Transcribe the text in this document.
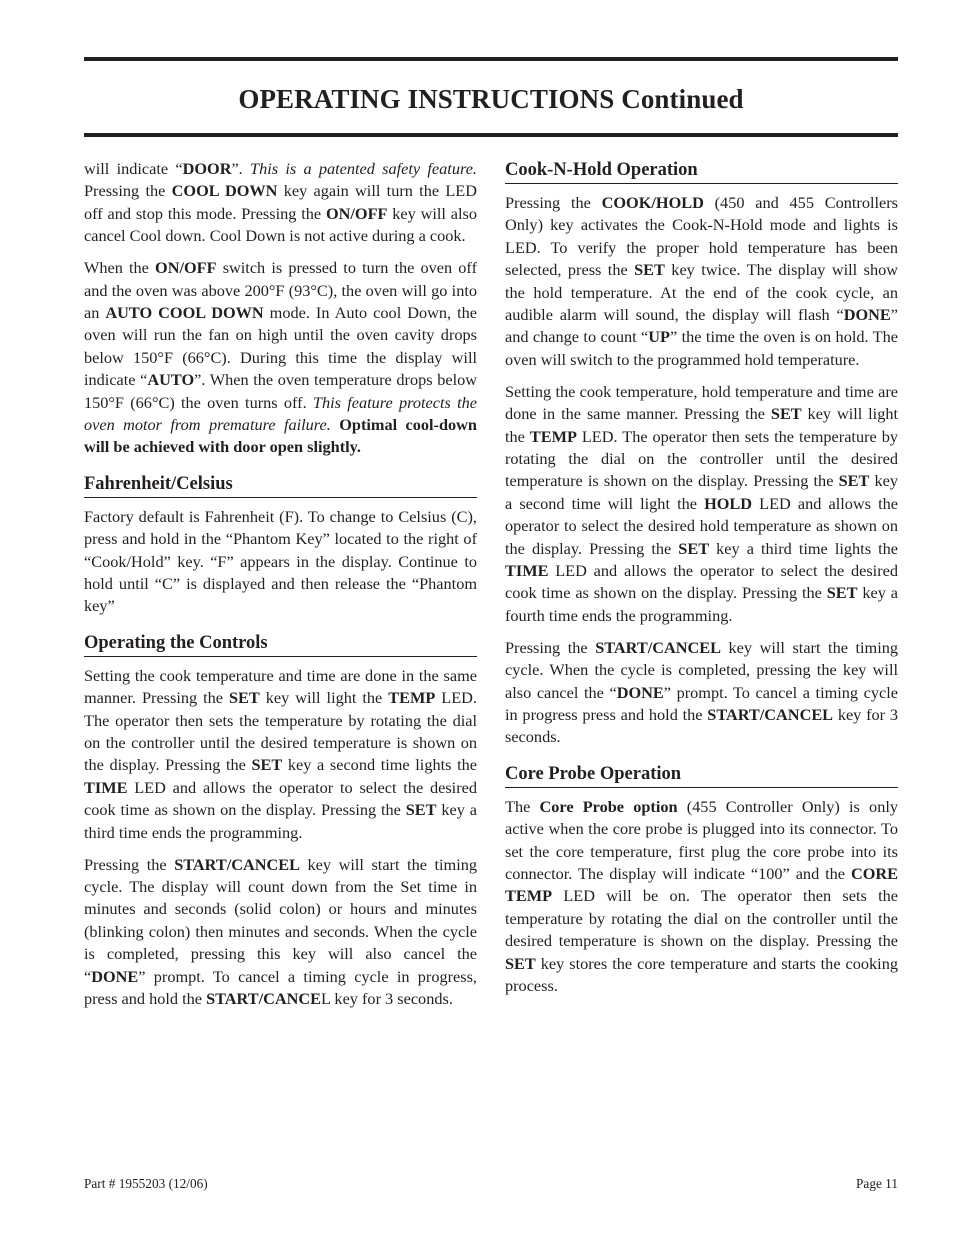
OPERATING INSTRUCTIONS Continued

will indicate “DOOR”. This is a patented safety feature. Pressing the COOL DOWN key again will turn the LED off and stop this mode. Pressing the ON/OFF key will also cancel Cool down. Cool Down is not active during a cook.

When the ON/OFF switch is pressed to turn the oven off and the oven was above 200°F (93°C), the oven will go into an AUTO COOL DOWN mode. In Auto cool Down, the oven will run the fan on high until the oven cavity drops below 150°F (66°C). During this time the display will indicate “AUTO”. When the oven temperature drops below 150°F (66°C) the oven turns off. This feature protects the oven motor from premature failure. Optimal cool-down will be achieved with door open slightly.

Fahrenheit/Celsius

Factory default is Fahrenheit (F). To change to Celsius (C), press and hold in the “Phantom Key” located to the right of “Cook/Hold” key. “F” appears in the display. Continue to hold until “C” is displayed and then release the “Phantom key”

Operating the Controls

Setting the cook temperature and time are done in the same manner. Pressing the SET key will light the TEMP LED. The operator then sets the temperature by rotating the dial on the controller until the desired temperature is shown on the display. Pressing the SET key a second time lights the TIME LED and allows the operator to select the desired cook time as shown on the display. Pressing the SET key a third time ends the programming.

Pressing the START/CANCEL key will start the timing cycle. The display will count down from the Set time in minutes and seconds (solid colon) or hours and minutes (blinking colon) then minutes and seconds. When the cycle is completed, pressing this key will also cancel the “DONE” prompt. To cancel a timing cycle in progress, press and hold the START/CANCEL key for 3 seconds.

Cook-N-Hold Operation

Pressing the COOK/HOLD (450 and 455 Controllers Only) key activates the Cook-N-Hold mode and lights is LED. To verify the proper hold temperature has been selected, press the SET key twice. The display will show the hold temperature. At the end of the cook cycle, an audible alarm will sound, the display will flash “DONE” and change to count “UP” the time the oven is on hold. The oven will switch to the programmed hold temperature.

Setting the cook temperature, hold temperature and time are done in the same manner. Pressing the SET key will light the TEMP LED. The operator then sets the temperature by rotating the dial on the controller until the desired temperature is shown on the display. Pressing the SET key a second time will light the HOLD LED and allows the operator to select the desired hold temperature as shown on the display. Pressing the SET key a third time lights the TIME LED and allows the operator to select the desired cook time as shown on the display. Pressing the SET key a fourth time ends the programming.

Pressing the START/CANCEL key will start the timing cycle. When the cycle is completed, pressing the key will also cancel the “DONE” prompt. To cancel a timing cycle in progress press and hold the START/CANCEL key for 3 seconds.

Core Probe Operation

The Core Probe option (455 Controller Only) is only active when the core probe is plugged into its connector. To set the core temperature, first plug the core probe into its connector. The display will indicate “100” and the CORE TEMP LED will be on. The operator then sets the temperature by rotating the dial on the controller until the desired temperature is shown on the display. Pressing the SET key stores the core temperature and starts the cooking process.

Part # 1955203 (12/06)	Page 11
